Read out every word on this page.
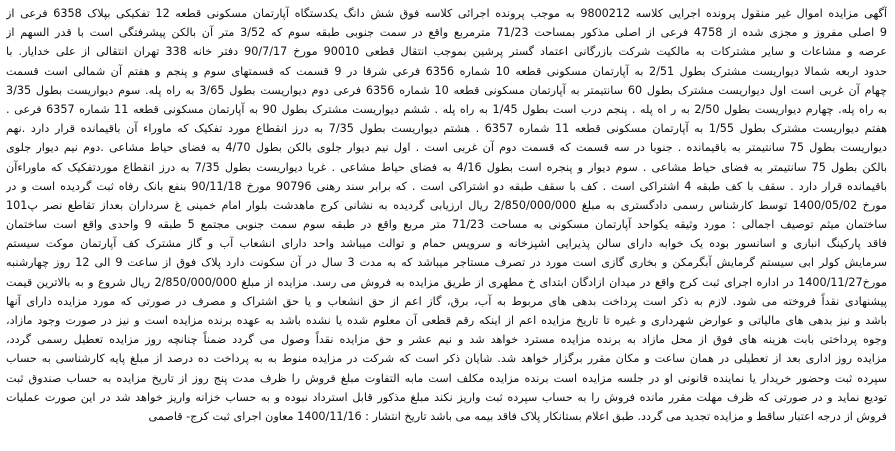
آگهی مزایده اموال غیر منقول پرونده اجرایی کلاسه 9800212 به موجب پرونده اجرائی کلاسه فوق شش دانگ یکدستگاه آپارتمان مسکونی قطعه 12 تفکیکی بپلاک 6358 فرعی از
9 اصلی مفروز و مجزی شده از 4758 فرعی از اصلی مذکور بمساحت 71/23 مترمربع واقع در سمت جنوبی طبقه سوم که 3/52 متر آن بالکن پیشرفتگی است با قدر السهم از
عرصه و مشاعات و سایر مشترکات به مالکیت شرکت بازرگانی اعتماد گستر پرشین بموجب انتقال قطعی 90010 مورخ 90/7/17 دفتر خانه 338 تهران انتقالی از علی خدایار. با
حدود اربعه شمالا دیواریست مشترک بطول 2/51 به آپارتمان مسکونی قطعه 10 شماره 6356 فرعی شرقا در 9 قسمت که قسمتهای سوم و پنجم و هفتم آن شمالی است قسمت
چهام آن غربی است اول دیواریست مشترک بطول 60 سانتیمتر به آپارتمان مسکونی قطعه 10 شماره 6356 فرعی دوم دیواریست بطول 3/65 به راه پله. سوم دیواریست بطول 3/35
به راه پله. چهارم دیواریست بطول 2/50 به ر اه پله . پنجم درب است بطول 1/45 به راه پله . ششم دیواریست مشترک بطول 90 به آپارتمان مسکونی قطعه 11 شماره 6357 فرعی .
هفتم دیواریست مشترک بطول 1/55 به آپارتمان مسکونی قطعه 11 شماره 6357 . هشتم دیواریست بطول 7/35 به درز انقطاع مورد تفکیک که ماوراء آن باقیمانده قرار دارد .نهم
دیواریست بطول 75 سانتیمتر به باقیمانده . جنوبا در سه قسمت که قسمت دوم آن غربی است . اول نیم دیوار جلوی بالکن بطول 4/70 به فضای حیاط مشاعی .دوم نیم دیوار جلوی
بالکن بطول 75 سانتیمتر به فضای حیاط مشاعی . سوم دیوار و پنجره است بطول 4/16 به فضای حیاط مشاعی . غربا دیواریست بطول 7/35 به درز انقطاع موردتفکیک که ماوراءآن
باقیمانده قرار دارد . سقف با کف طبقه 4 اشتراکی است . کف با سقف طبقه دو اشتراکی است . که برابر سند رهنی 90796 مورخ 90/11/18 بنفع بانک رفاه ثبت گردیده است و در
مورخ 1400/05/02 توسط کارشناس رسمی دادگستری به مبلغ 2/850/000/000 ریال ارزیابی گردیده به نشانی کرج ماهدشت بلوار امام خمینی غ سرداران بعداز تقاطع نصر پ101
ساختمان میثم توصیف اجمالی : مورد وثیقه یکواحد آپارتمان مسکونی به مساحت 71/23 متر مربع واقع در طبقه سوم سمت جنوبی مجتمع 5 طبقه 9 واحدی واقع است ساختمان
فاقد پارکینگ انباری و اسانسور بوده یک خوابه دارای سالن پذیرایی اشپزخانه و سرویس حمام و توالت میباشد واحد دارای انشعاب آب و گاز مشترک کف آپارتمان موکت سیستم
سرمایش کولر ابی سیستم گرمایش آبگرمکن و بخاری گازی است مورد در تصرف مستاجر میباشد که به مدت 3 سال در آن سکونت دارد پلاک فوق از ساعت 9 الی 12 روز چهارشنبه
مورخ1400/11/27 در اداره اجرای ثبت کرج واقع در میدان ازادگان ابتدای خ مطهری از طریق مزایده به فروش می رسد. مزایده از مبلغ 2/850/000/000 ریال شروع و به بالاترین قیمت
پیشنهادی نقداً فروخته می شود. لازم به ذکر است پرداخت بدهی های مربوط به آب، برق، گاز اعم از حق انشعاب و یا حق اشتراک و مصرف در صورتی که مورد مزایده دارای آنها
باشد و نیز بدهی های مالیاتی و عوارض شهرداری و غیره تا تاریخ مزایده اعم از اینکه رقم قطعی آن معلوم شده یا نشده باشد به عهده برنده مزایده است و نیز در صورت وجود مازاد،
وجوه پرداختی بابت هزینه های فوق از محل مازاد به برنده مزایده مسترد خواهد شد و نیم عشر و حق مزایده نقداً وصول می گردد ضمناً چنانچه روز مزایده تعطیل رسمی گردد،
مزایده روز اداری بعد از تعطیلی در همان ساعت و مکان مقرر برگزار خواهد شد. شایان ذکر است که شرکت در مزایده منوط به به پرداخت ده درصد از مبلغ پایه کارشناسی به حساب
سپرده ثبت وحضور خریدار یا نماینده قانونی او در جلسه مزایده است برنده مزایده مکلف است مابه التفاوت مبلغ فروش را ظرف مدت پنج روز از تاریخ مزایده به حساب صندوق ثبت
تودیع نماید و در صورتی که ظرف مهلت مقرر مانده فروش را به حساب سپرده ثبت واریز نکند مبلغ مذکور قابل استرداد نبوده و به حساب خزانه واریز خواهد شد در این صورت عملیات
فروش از درجه اعتبار ساقط و مزایده تجدید می گردد. طبق اعلام بستانکار پلاک فاقد بیمه می باشد تاریخ انتشار : 1400/11/16 معاون اجرای ثبت کرج- قاصمی
